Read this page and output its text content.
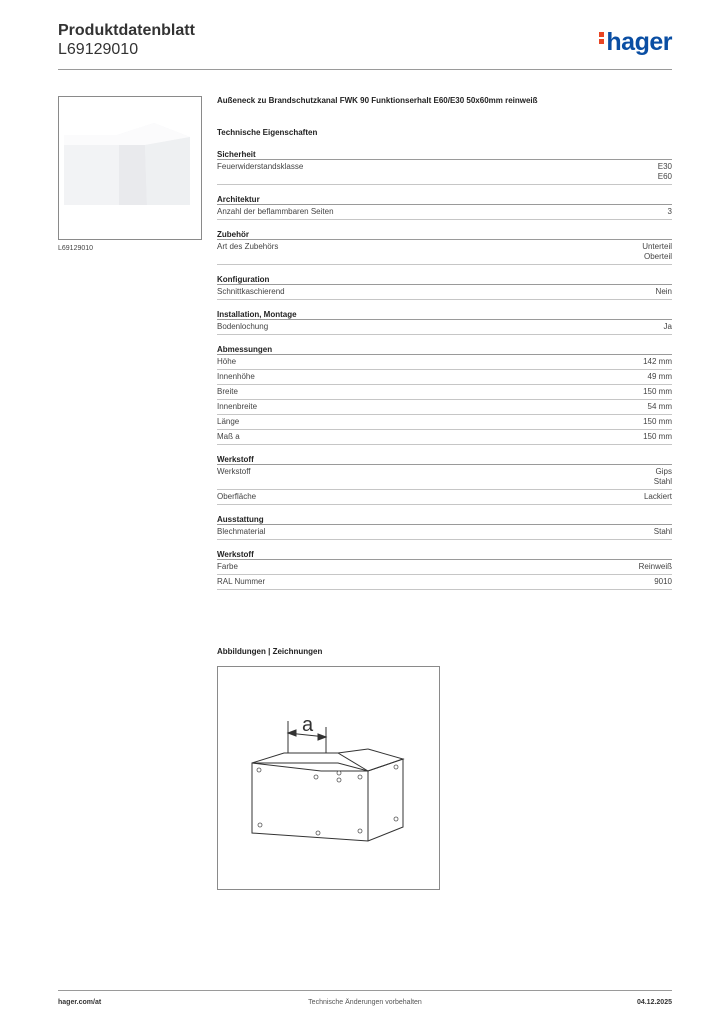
Produktdatenblatt
L69129010	hager
L69129010
Außeneck zu Brandschutzkanal FWK 90 Funktionserhalt E60/E30 50x60mm reinweiß
Technische Eigenschaften
Sicherheit
Feuerwiderstandsklasse	E30
E60
Architektur
Anzahl der beflammbaren Seiten	3
Zubehör
Art des Zubehörs	Unterteil
Oberteil
Konfiguration
Schnittkaschierend	Nein
Installation, Montage
Bodenlochung	Ja
Abmessungen
Höhe	142 mm
Innenhöhe	49 mm
Breite	150 mm
Innenbreite	54 mm
Länge	150 mm
Maß a	150 mm
Werkstoff
Werkstoff	Gips
Stahl
Oberfläche	Lackiert
Ausstattung
Blechmaterial	Stahl
Werkstoff
Farbe	Reinweiß
RAL Nummer	9010
Abbildungen | Zeichnungen
a
hager.com/at	Technische Änderungen vorbehalten	04.12.2025
